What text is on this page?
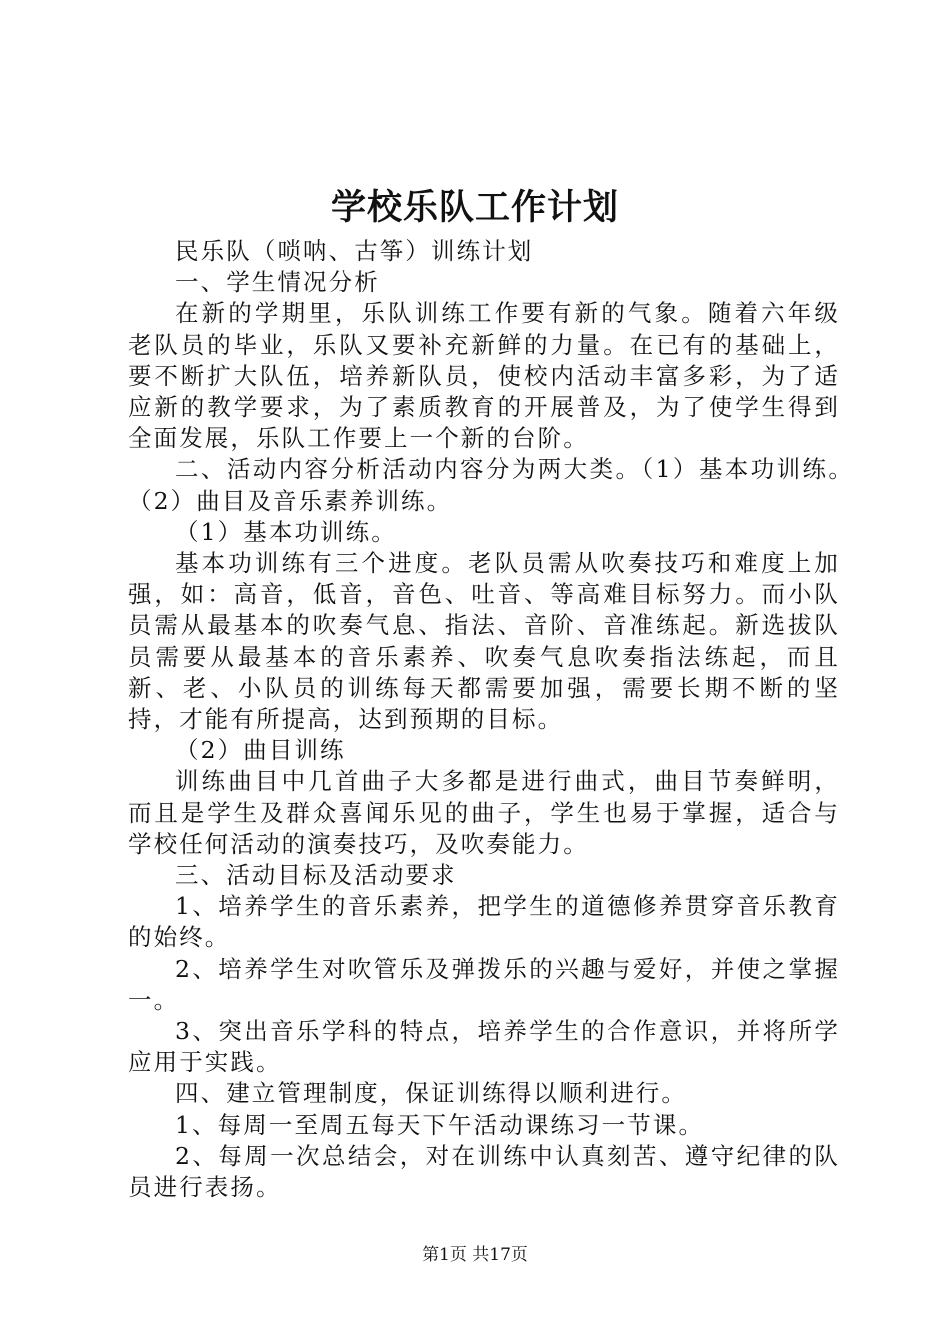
学校乐队工作计划

民乐队（唢呐、古筝）训练计划

一、学生情况分析

在新的学期里，乐队训练工作要有新的气象。随着六年级老队员的毕业，乐队又要补充新鲜的力量。在已有的基础上，要不断扩大队伍，培养新队员，使校内活动丰富多彩，为了适应新的教学要求，为了素质教育的开展普及，为了使学生得到全面发展，乐队工作要上一个新的台阶。

二、活动内容分析活动内容分为两大类。（1）基本功训练。（2）曲目及音乐素养训练。

（1）基本功训练。

基本功训练有三个进度。老队员需从吹奏技巧和难度上加强，如：高音，低音，音色、吐音、等高难目标努力。而小队员需从最基本的吹奏气息、指法、音阶、音准练起。新选拔队员需要从最基本的音乐素养、吹奏气息吹奏指法练起，而且新、老、小队员的训练每天都需要加强，需要长期不断的坚持，才能有所提高，达到预期的目标。

（2）曲目训练

训练曲目中几首曲子大多都是进行曲式，曲目节奏鲜明，而且是学生及群众喜闻乐见的曲子，学生也易于掌握，适合与学校任何活动的演奏技巧，及吹奏能力。

三、活动目标及活动要求

1、培养学生的音乐素养，把学生的道德修养贯穿音乐教育的始终。

2、培养学生对吹管乐及弹拨乐的兴趣与爱好，并使之掌握一。

3、突出音乐学科的特点，培养学生的合作意识，并将所学应用于实践。

四、建立管理制度，保证训练得以顺利进行。

1、每周一至周五每天下午活动课练习一节课。

2、每周一次总结会，对在训练中认真刻苦、遵守纪律的队员进行表扬。

第1页 共17页
